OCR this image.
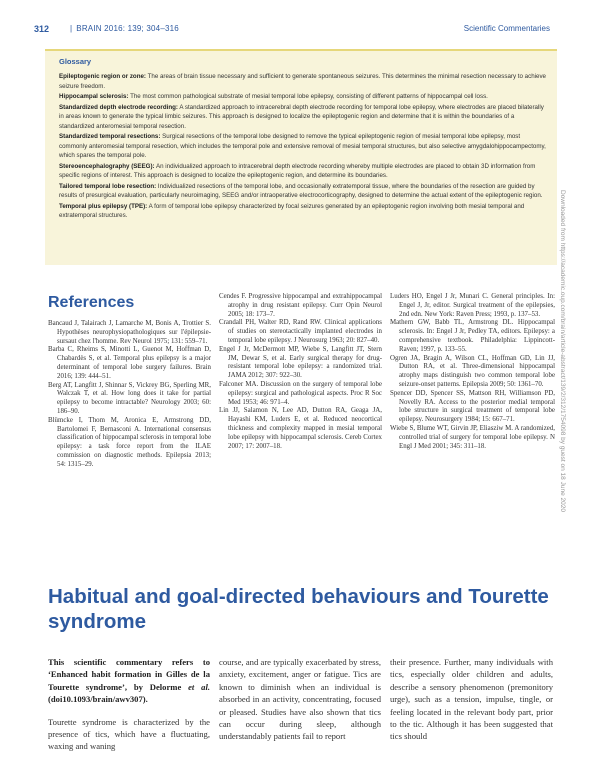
312	| BRAIN 2016: 139; 304–316	Scientific Commentaries
Downloaded from https://academic.oup.com/brain/article-abstract/139/2/312/1754098 by guest on 18 June 2020
Glossary
Epileptogenic region or zone: The areas of brain tissue necessary and sufficient to generate spontaneous seizures. This determines the minimal resection necessary to achieve seizure freedom.
Hippocampal sclerosis: The most common pathological substrate of mesial temporal lobe epilepsy, consisting of different patterns of hippocampal cell loss.
Standardized depth electrode recording: A standardized approach to intracerebral depth electrode recording for temporal lobe epilepsy, where electrodes are placed bilaterally in areas known to generate the typical limbic seizures. This approach is designed to localize the epileptogenic region and determine that it is within the boundaries of a standardized anteromesial temporal resection.
Standardized temporal resections: Surgical resections of the temporal lobe designed to remove the typical epileptogenic region of mesial temporal lobe epilepsy, most commonly anteromesial temporal resection, which includes the temporal pole and extensive removal of mesial temporal structures, but also selective amygdalohippocampectomy, which spares the temporal pole.
Stereoencephalography (SEEG): An individualized approach to intracerebral depth electrode recording whereby multiple electrodes are placed to obtain 3D information from specific regions of interest. This approach is designed to localize the epileptogenic region, and determine its boundaries.
Tailored temporal lobe resection: Individualized resections of the temporal lobe, and occasionally extratemporal tissue, where the boundaries of the resection are guided by results of presurgical evaluation, particularly neuroimaging, SEEG and/or intraoperative electrocorticography, designed to determine the actual extent of the epileptogenic region.
Temporal plus epilepsy (TPE): A form of temporal lobe epilepsy characterized by focal seizures generated by an epileptogenic region involving both mesial temporal and extratemporal structures.
References

Bancaud J, Talairach J, Lamarche M, Bonis A, Trottier S. Hypothèses neurophysiopathologiques sur l'épilepsie-sursaut chez l'homme. Rev Neurol 1975; 131: 559–71.

Barba C, Rheims S, Minotti L, Guenot M, Hoffman D, Chabardès S, et al. Temporal plus epilepsy is a major determinant of temporal lobe surgery failures. Brain 2016; 139: 444–51.

Berg AT, Langfitt J, Shinnar S, Vickrey BG, Sperling MR, Walczak T, et al. How long does it take for partial epilepsy to become intractable? Neurology 2003; 60: 186–90.

Blümcke I, Thom M, Aronica E, Armstrong DD, Bartolomei F, Bernasconi A. International consensus classification of hippocampal sclerosis in temporal lobe epilepsy: a task force report from the ILAE commission on diagnostic methods. Epilepsia 2013; 54: 1315–29.

Cendes F. Progressive hippocampal and extrahippocampal atrophy in drug resistant epilepsy. Curr Opin Neurol 2005; 18: 173–7.

Crandall PH, Walter RD, Rand RW. Clinical applications of studies on stereotactically implanted electrodes in temporal lobe epilepsy. J Neurosurg 1963; 20: 827–40.

Engel J Jr, McDermott MP, Wiebe S, Langfitt JT, Stern JM, Dewar S, et al. Early surgical therapy for drug-resistant temporal lobe epilepsy: a randomized trial. JAMA 2012; 307: 922–30.

Falconer MA. Discussion on the surgery of temporal lobe epilepsy: surgical and pathological aspects. Proc R Soc Med 1953; 46: 971–4.

Lin JJ, Salamon N, Lee AD, Dutton RA, Geaga JA, Hayashi KM, Luders E, et al. Reduced neocortical thickness and complexity mapped in mesial temporal lobe epilepsy with hippocampal sclerosis. Cereb Cortex 2007; 17: 2007–18.

Luders HO, Engel J Jr, Munari C. General principles. In: Engel J, Jr, editor. Surgical treatment of the epilepsies, 2nd edn. New York: Raven Press; 1993, p. 137–53.

Mathern GW, Babb TL, Armstrong DL. Hippocampal sclerosis. In: Engel J Jr, Pedley TA, editors. Epilepsy: a comprehensive textbook. Philadelphia: Lippincott-Raven; 1997, p. 133–55.

Ogren JA, Bragin A, Wilson CL, Hoffman GD, Lin JJ, Dutton RA, et al. Three-dimensional hippocampal atrophy maps distinguish two common temporal lobe seizure-onset patterns. Epilepsia 2009; 50: 1361–70.

Spencer DD, Spencer SS, Mattson RH, Williamson PD, Novelly RA. Access to the posterior medial temporal lobe structure in surgical treatment of temporal lobe epilepsy. Neurosurgery 1984; 15: 667–71.

Wiebe S, Blume WT, Girvin JP, Eliasziw M. A randomized, controlled trial of surgery for temporal lobe epilepsy. N Engl J Med 2001; 345: 311–18.

Habitual and goal-directed behaviours and Tourette syndrome

This scientific commentary refers to ‘Enhanced habit formation in Gilles de la Tourette syndrome’, by Delorme et al. (doi10.1093/brain/awv307).

Tourette syndrome is characterized by the presence of tics, which have a fluctuating, waxing and waning

course, and are typically exacerbated by stress, anxiety, excitement, anger or fatigue. Tics are known to diminish when an individual is absorbed in an activity, concentrating, focused or pleased. Studies have also shown that tics can occur during sleep, although understandably patients fail to report

their presence. Further, many individuals with tics, especially older children and adults, describe a sensory phenomenon (premonitory urge), such as a tension, impulse, tingle, or feeling located in the relevant body part, prior to the tic. Although it has been suggested that tics should
